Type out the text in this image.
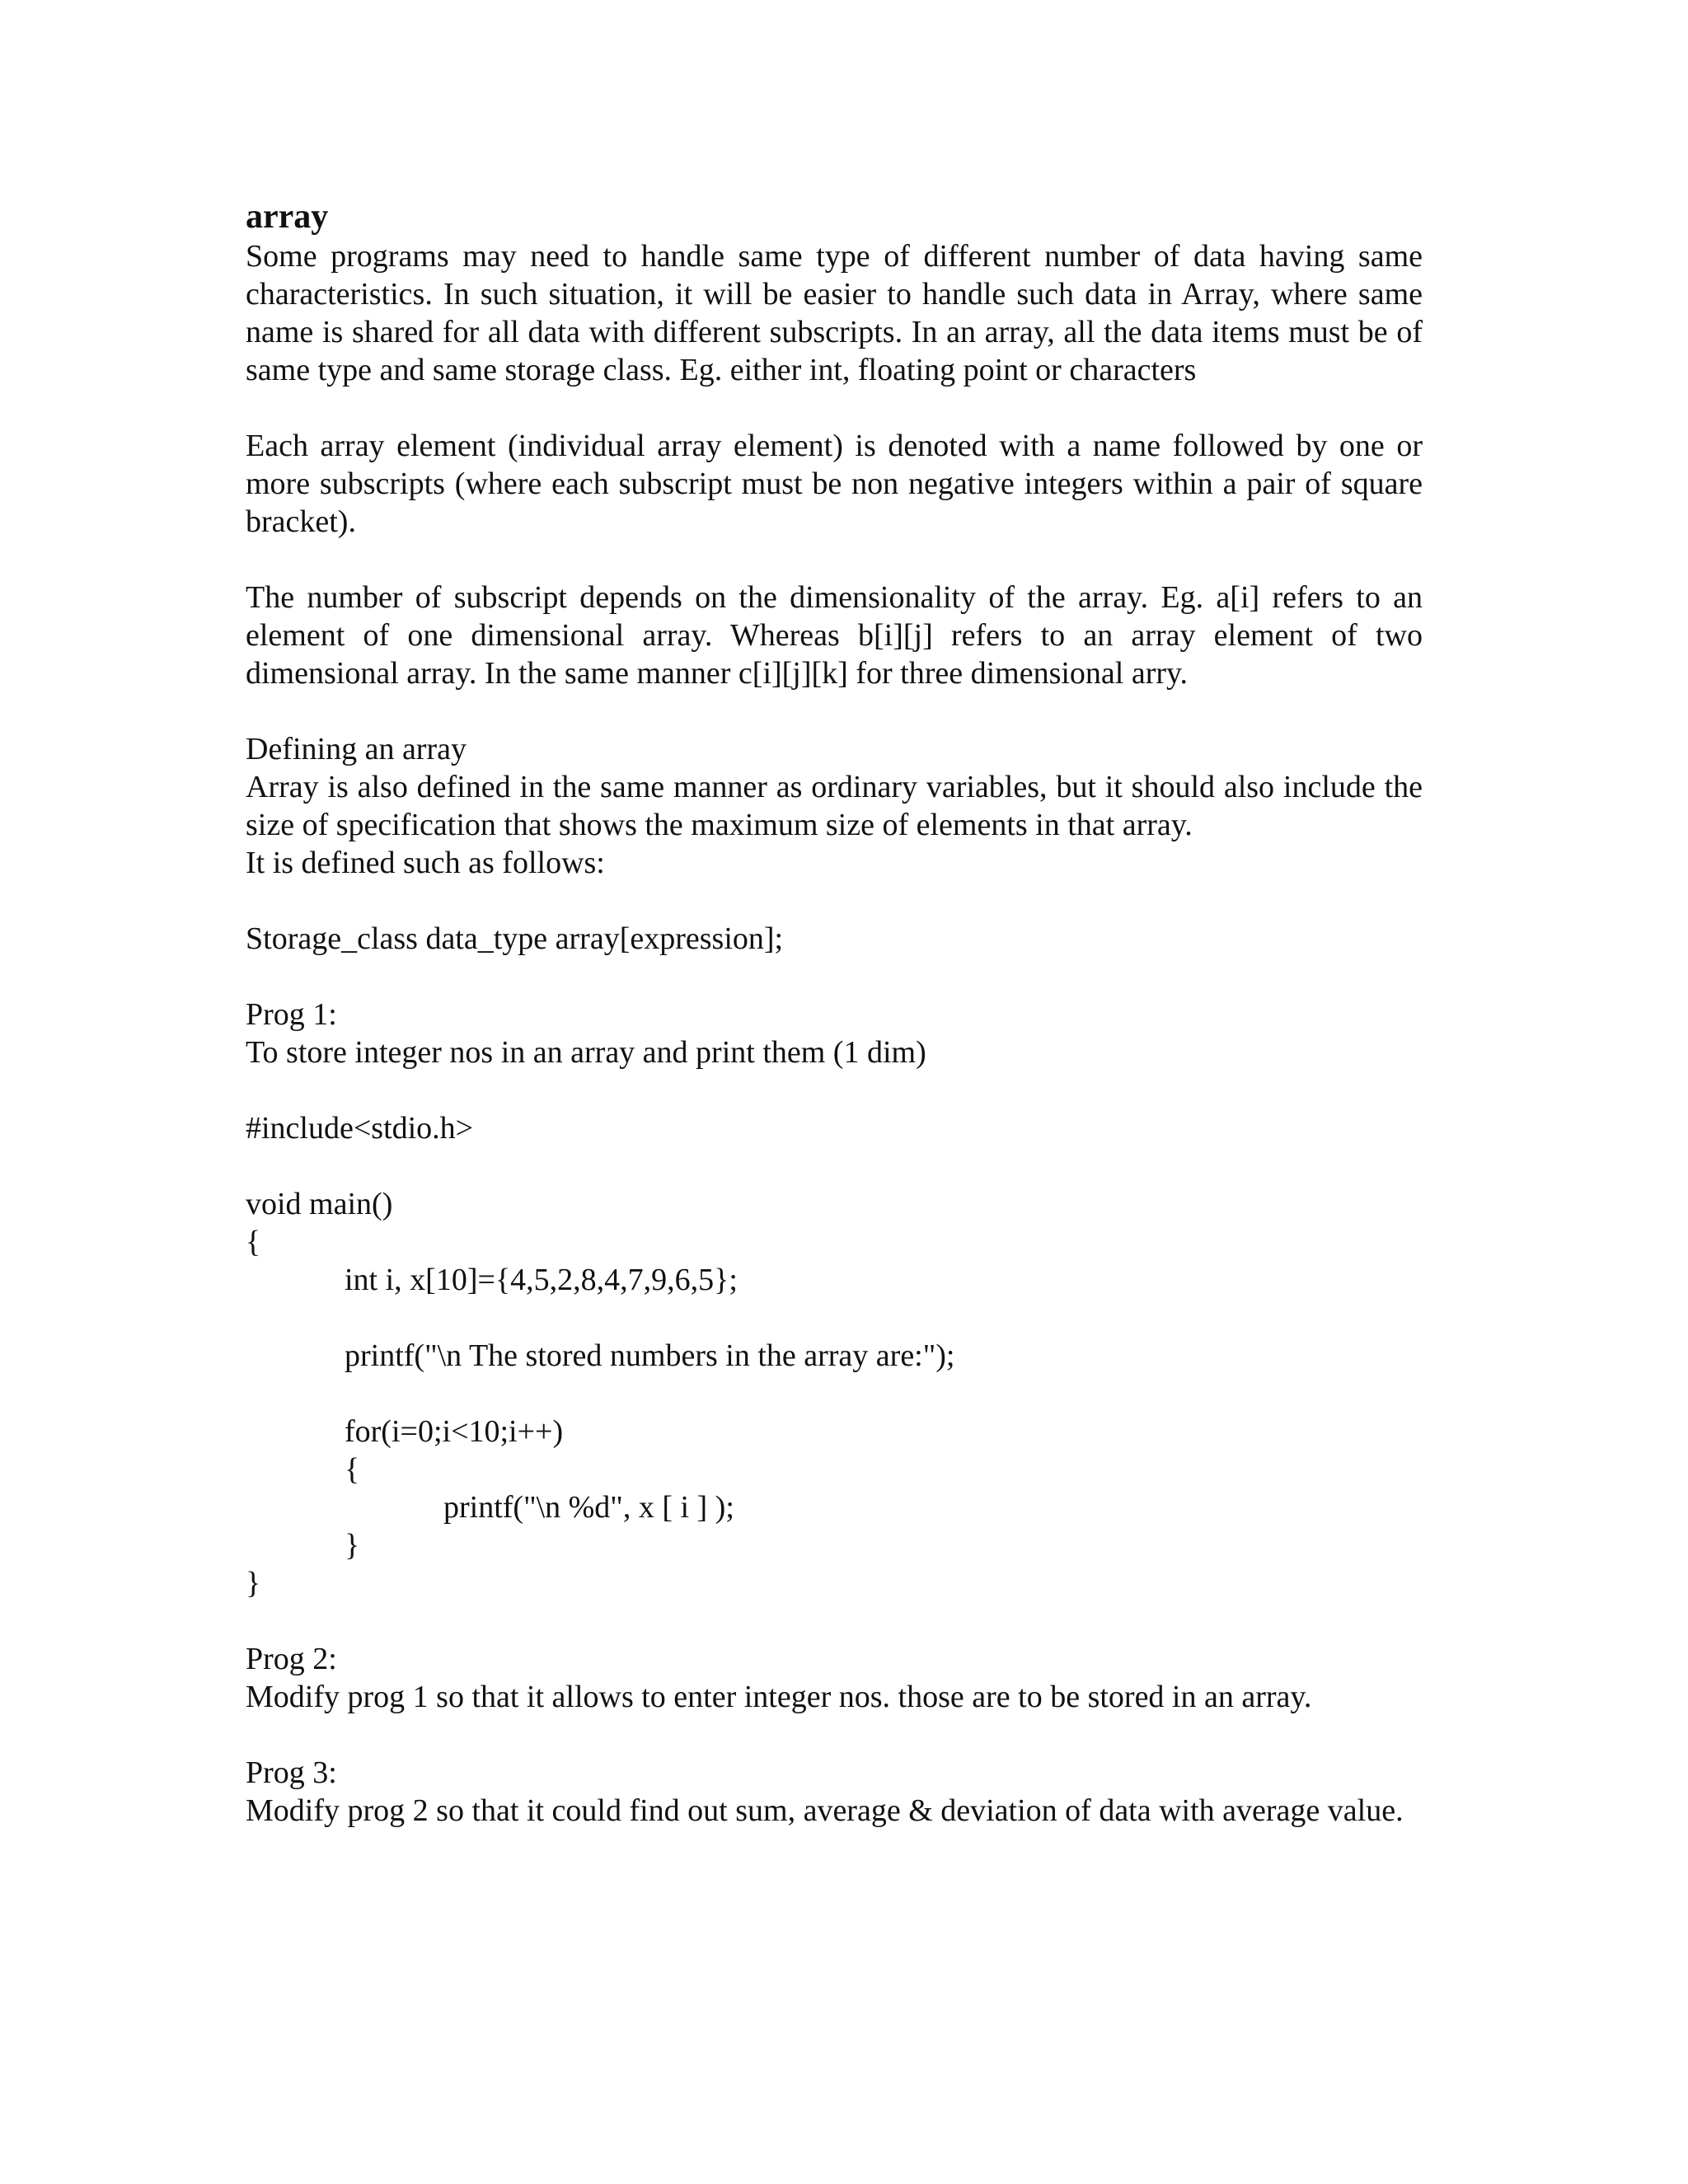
array

Some programs may need to handle same type of different number of data having same characteristics. In such situation, it will be easier to handle such data in Array, where same name is shared for all data with different subscripts. In an array, all the data items must be of same type and same storage class. Eg. either int, floating point or characters

Each array element (individual array element) is denoted with a name followed by one or more subscripts (where each subscript must be non negative integers within a pair of square bracket).

The number of subscript depends on the dimensionality of the array. Eg. a[i] refers to an element of one dimensional array. Whereas b[i][j] refers to an array element of two dimensional array. In the same manner c[i][j][k] for three dimensional arry.

Defining an array

Array is also defined in the same manner as ordinary variables, but it should also include the size of specification that shows the maximum size of elements in that array.

It is defined such as follows:

Storage_class data_type array[expression];

Prog 1:

To store integer nos in an array and print them (1 dim)

#include<stdio.h>

void main()

{

int i, x[10]={4,5,2,8,4,7,9,6,5};

printf("\n The stored numbers in the array are:");

for(i=0;i<10;i++)

{

printf("\n %d", x [ i ] );

}

}

Prog 2:

Modify prog 1 so that it allows to enter integer nos. those are to be stored in an array.

Prog 3:

Modify prog 2 so that it could find out sum, average & deviation of data with average value.
